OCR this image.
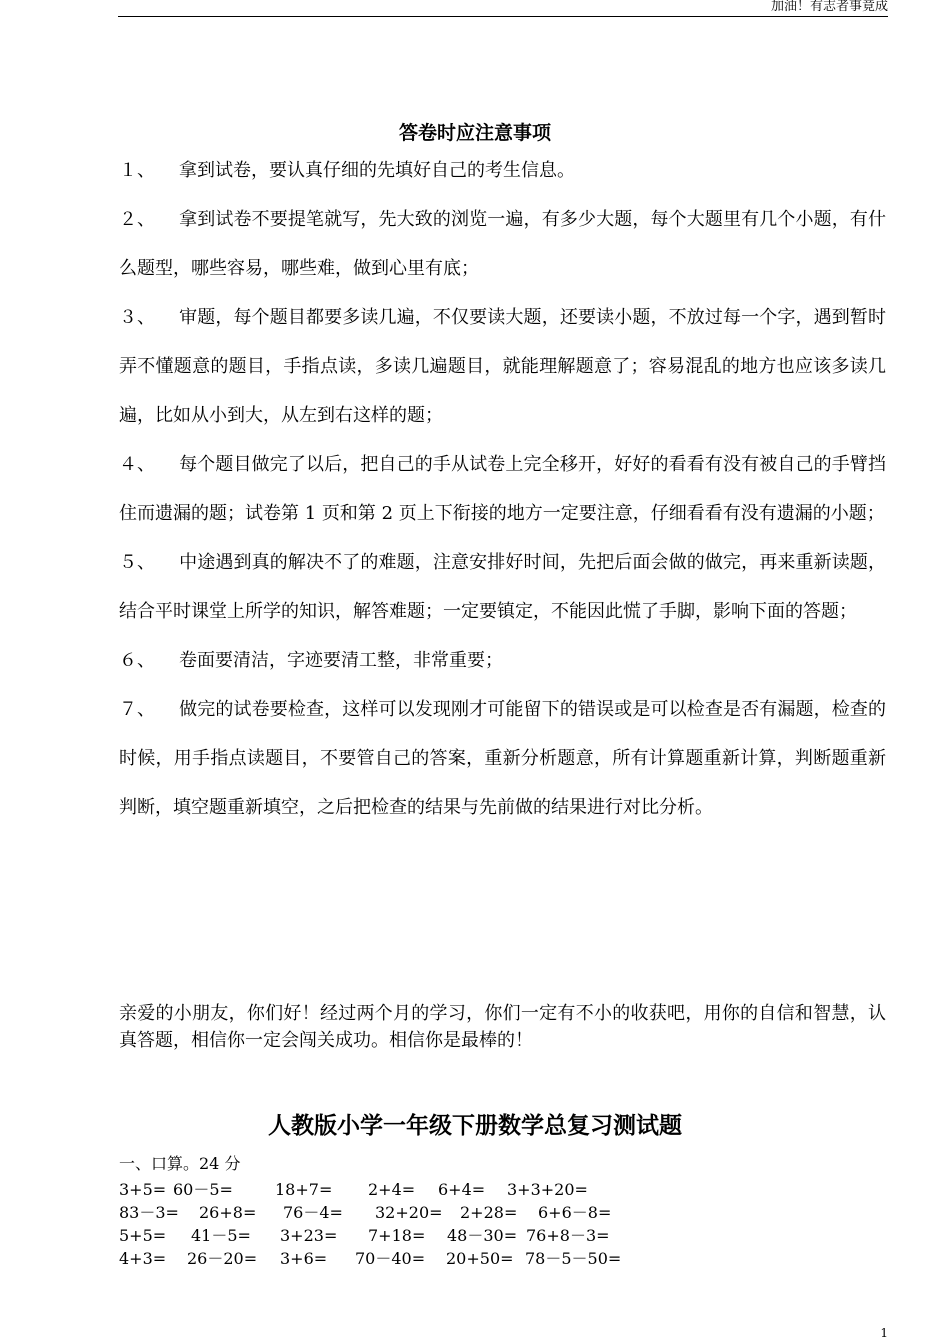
加油！有志者事竟成
答卷时应注意事项

１、 拿到试卷，要认真仔细的先填好自己的考生信息。

２、 拿到试卷不要提笔就写，先大致的浏览一遍，有多少大题，每个大题里有几个小题，有什么题型，哪些容易，哪些难，做到心里有底；

３、 审题，每个题目都要多读几遍，不仅要读大题，还要读小题，不放过每一个字，遇到暂时弄不懂题意的题目，手指点读，多读几遍题目，就能理解题意了；容易混乱的地方也应该多读几遍，比如从小到大，从左到右这样的题；

４、 每个题目做完了以后，把自己的手从试卷上完全移开，好好的看看有没有被自己的手臂挡住而遗漏的题；试卷第 1 页和第 2 页上下衔接的地方一定要注意，仔细看看有没有遗漏的小题；

５、 中途遇到真的解决不了的难题，注意安排好时间，先把后面会做的做完，再来重新读题，结合平时课堂上所学的知识，解答难题；一定要镇定，不能因此慌了手脚，影响下面的答题；

６、 卷面要清洁，字迹要清工整，非常重要；

７、 做完的试卷要检查，这样可以发现刚才可能留下的错误或是可以检查是否有漏题，检查的时候，用手指点读题目，不要管自己的答案，重新分析题意，所有计算题重新计算，判断题重新判断，填空题重新填空，之后把检查的结果与先前做的结果进行对比分析。

亲爱的小朋友，你们好！经过两个月的学习，你们一定有不小的收获吧，用你的自信和智慧，认真答题，相信你一定会闯关成功。相信你是最棒的！
人教版小学一年级下册数学总复习测试题
一、口算。24 分
3+5= 60－5=	18+7= 2+4= 6+4= 3+3+20=
83－3= 26+8= 76－4= 32+20= 2+28= 6+6－8=
5+5= 41－5= 3+23= 7+18= 48－30= 76+8－3=
4+3= 26－20= 3+6= 70－40= 20+50= 78－5－50=
1
